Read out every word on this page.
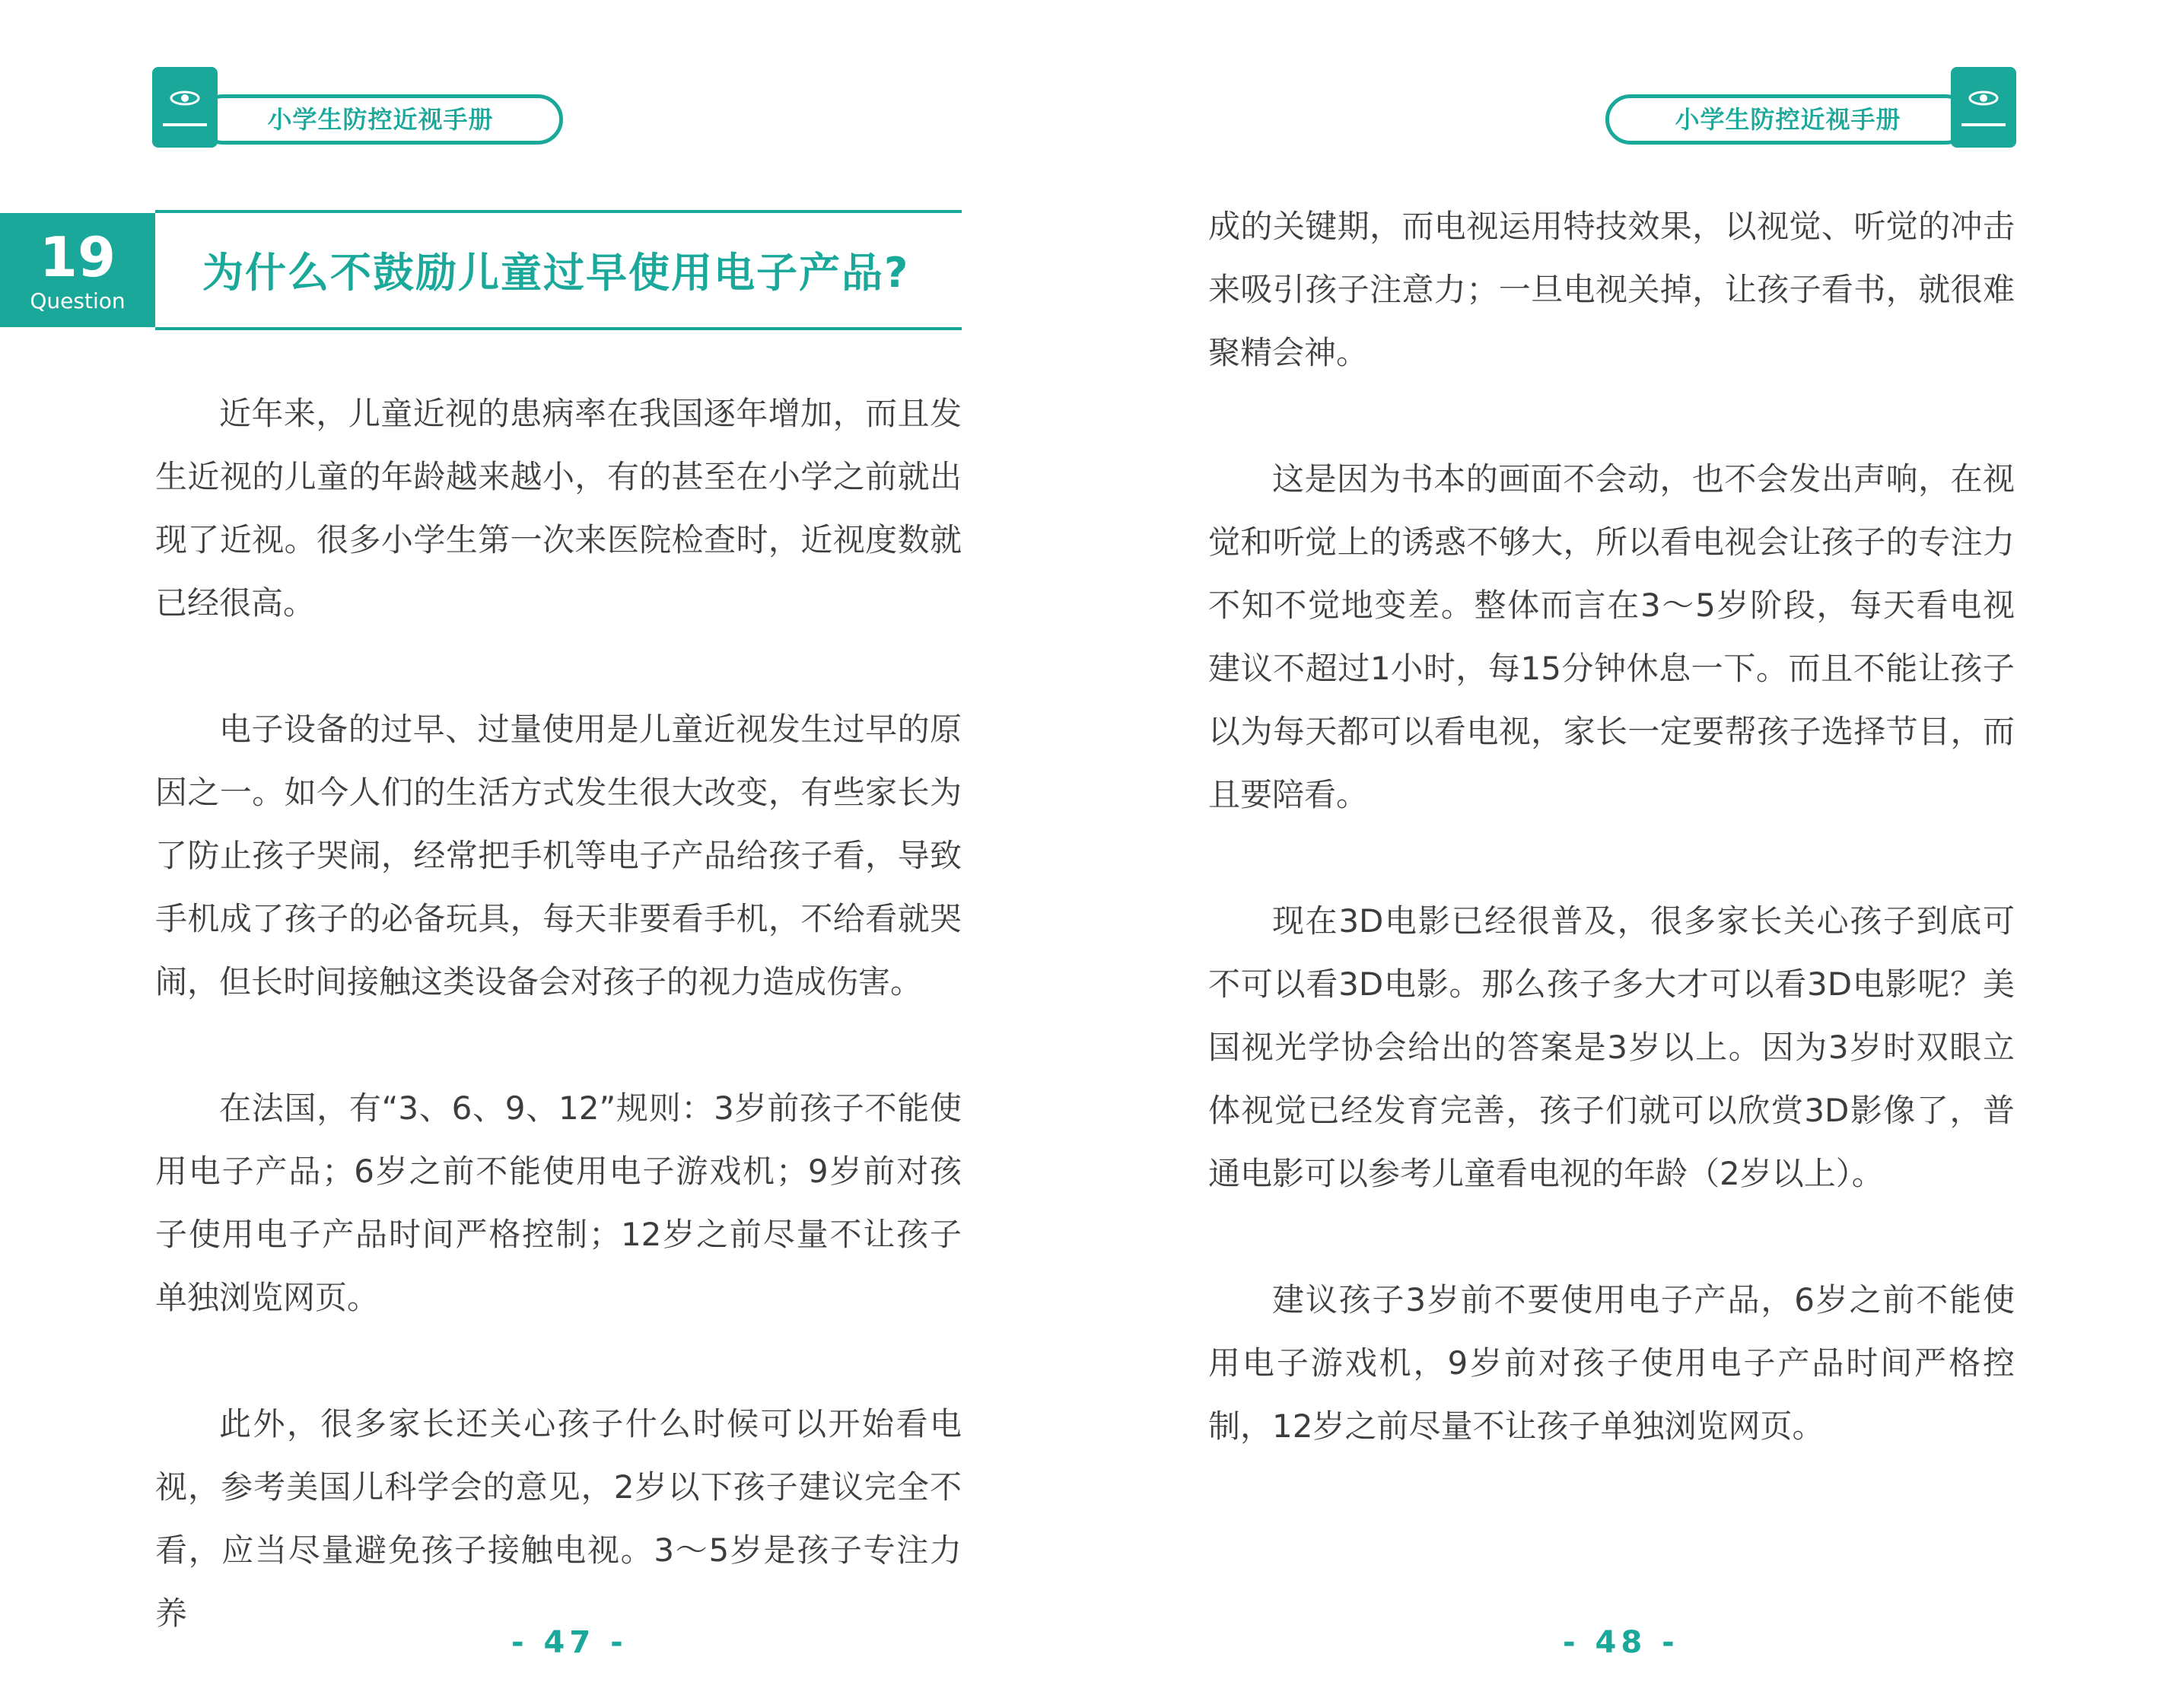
小学生防控近视手册
19
Question
为什么不鼓励儿童过早使用电子产品?

近年来，儿童近视的患病率在我国逐年增加，而且发生近视的儿童的年龄越来越小，有的甚至在小学之前就出现了近视。很多小学生第一次来医院检查时，近视度数就已经很高。

电子设备的过早、过量使用是儿童近视发生过早的原因之一。如今人们的生活方式发生很大改变，有些家长为了防止孩子哭闹，经常把手机等电子产品给孩子看，导致手机成了孩子的必备玩具，每天非要看手机，不给看就哭闹，但长时间接触这类设备会对孩子的视力造成伤害。

在法国，有“3、6、9、12”规则：3岁前孩子不能使用电子产品；6岁之前不能使用电子游戏机；9岁前对孩子使用电子产品时间严格控制；12岁之前尽量不让孩子单独浏览网页。

此外，很多家长还关心孩子什么时候可以开始看电视，参考美国儿科学会的意见，2岁以下孩子建议完全不看，应当尽量避免孩子接触电视。3～5岁是孩子专注力养

- 47 -
小学生防控近视手册

成的关键期，而电视运用特技效果，以视觉、听觉的冲击来吸引孩子注意力；一旦电视关掉，让孩子看书，就很难聚精会神。

这是因为书本的画面不会动，也不会发出声响，在视觉和听觉上的诱惑不够大，所以看电视会让孩子的专注力不知不觉地变差。整体而言在3～5岁阶段，每天看电视建议不超过1小时，每15分钟休息一下。而且不能让孩子以为每天都可以看电视，家长一定要帮孩子选择节目，而且要陪看。

现在3D电影已经很普及，很多家长关心孩子到底可不可以看3D电影。那么孩子多大才可以看3D电影呢？美国视光学协会给出的答案是3岁以上。因为3岁时双眼立体视觉已经发育完善，孩子们就可以欣赏3D影像了，普通电影可以参考儿童看电视的年龄（2岁以上）。

建议孩子3岁前不要使用电子产品，6岁之前不能使用电子游戏机，9岁前对孩子使用电子产品时间严格控制，12岁之前尽量不让孩子单独浏览网页。

- 48 -
